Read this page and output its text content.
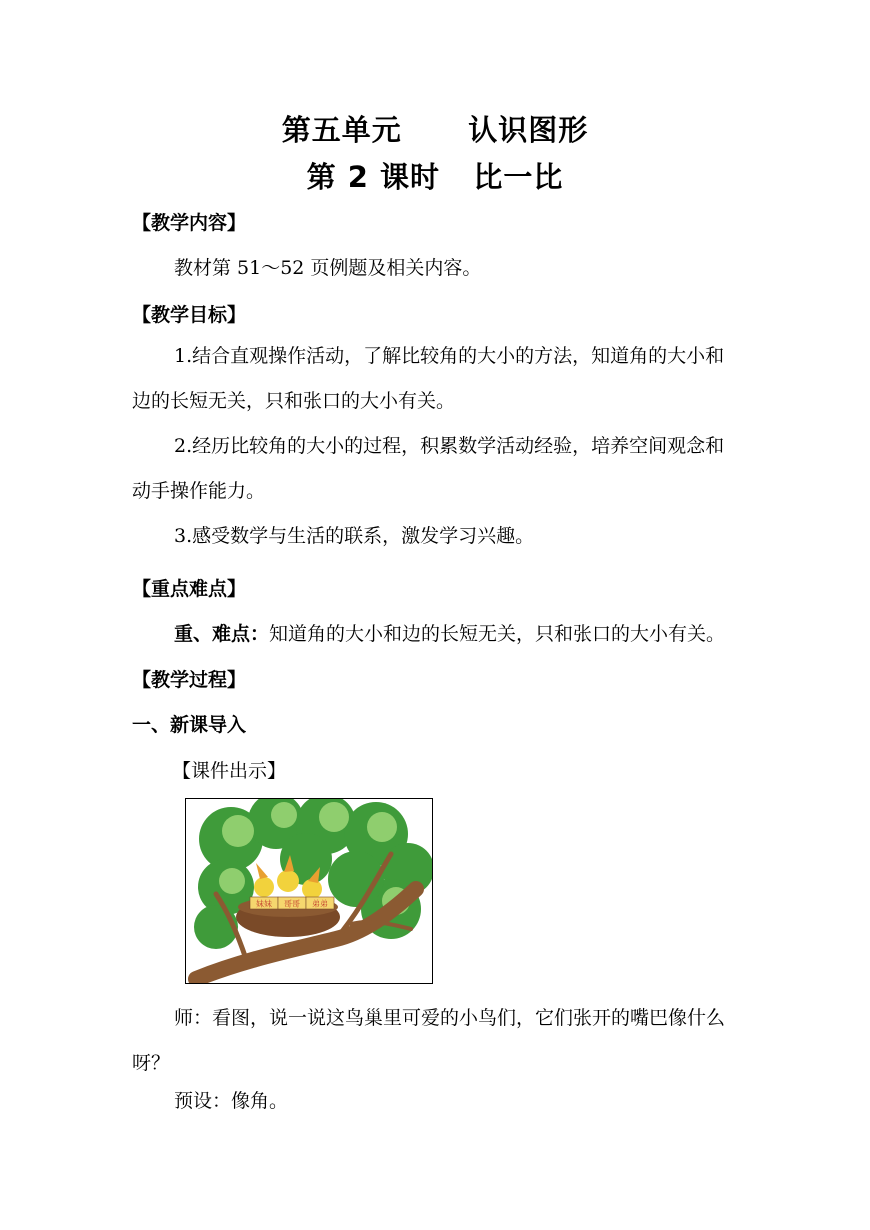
第五单元      认识图形
第 2 课时   比一比
【教学内容】
教材第 51～52 页例题及相关内容。
【教学目标】
1.结合直观操作活动，了解比较角的大小的方法，知道角的大小和边的长短无关，只和张口的大小有关。
2.经历比较角的大小的过程，积累数学活动经验，培养空间观念和动手操作能力。
3.感受数学与生活的联系，激发学习兴趣。
【重点难点】
重、难点：知道角的大小和边的长短无关，只和张口的大小有关。
【教学过程】
一、新课导入
【课件出示】
妹妹 哥哥 弟弟
师：看图，说一说这鸟巢里可爱的小鸟们，它们张开的嘴巴像什么呀？
预设：像角。
